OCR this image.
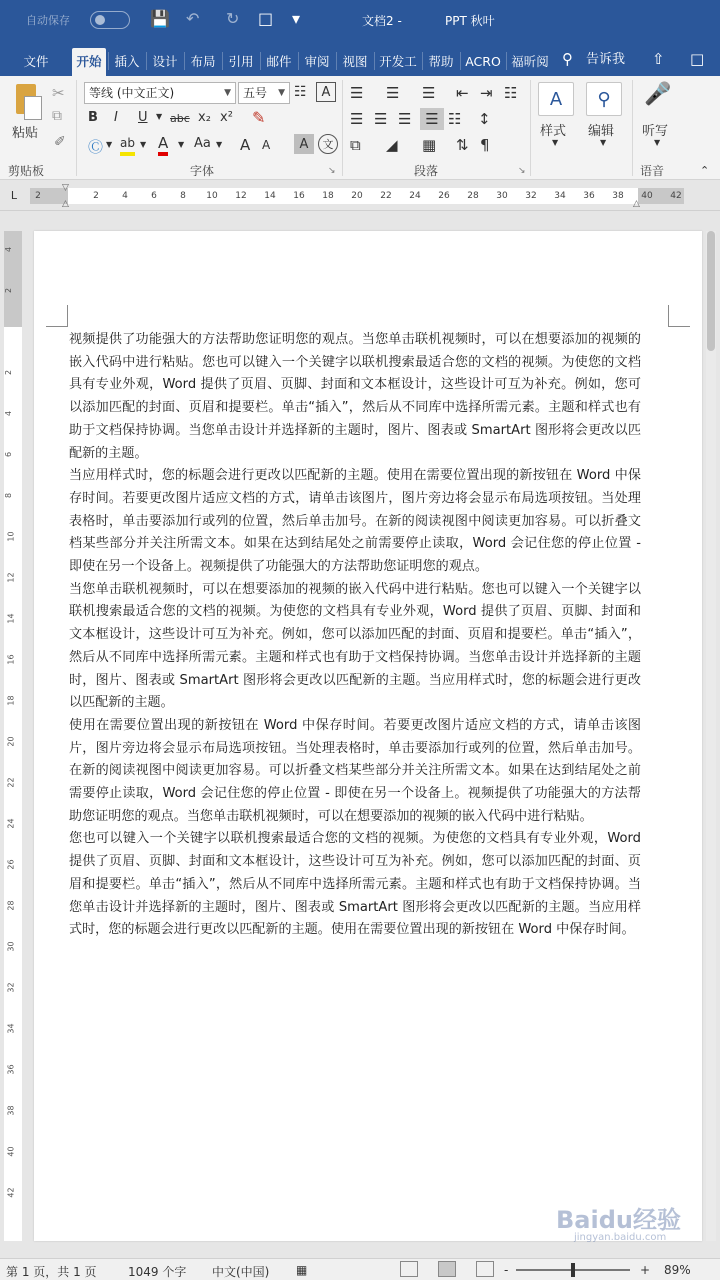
自动保存	💾 ↶ ↻ □ ▾	文档2 -	PPT 秋叶
文件	开始	插入	设计	布局	引用	邮件	审阅	视图 开发工 帮助 ACRO 福昕阅 ⚲ 告诉我 ⇧ □
粘贴
✂
⧉
✐
剪贴板
等线 (中文正文)	▼	五号 ▼ ☷	A
B I U ▼ abc x₂ x² ✎
Ⓒ ▼ ab ▼ A ▼ Aa ▼ A A	A	文
字体	↘
☰ ☰ ☰ ⇤ ⇥ ☷
☰ ☰ ☰ ☰ ☷ ↕
⧉ ◢ ▦ ⇅ ¶
段落	↘
A
样式
▼
⚲
编辑
▼
🎤
听写
▼
语音	⌃
L	2	2	4	6	8	10	12	14	16	18	20	22	24	26	28	30	32	34	36	38	40	42
▽
△	△
4
2
2
4
6
8
10
12
14
16
18
20
22
24
26
28
30
32
34
36
38
40
42

视频提供了功能强大的方法帮助您证明您的观点。当您单击联机视频时，可以在想要添加的视频的嵌入代码中进行粘贴。您也可以键入一个关键字以联机搜索最适合您的文档的视频。为使您的文档具有专业外观，Word 提供了页眉、页脚、封面和文本框设计，这些设计可互为补充。例如，您可以添加匹配的封面、页眉和提要栏。单击“插入”，然后从不同库中选择所需元素。主题和样式也有助于文档保持协调。当您单击设计并选择新的主题时，图片、图表或 SmartArt 图形将会更改以匹配新的主题。

当应用样式时，您的标题会进行更改以匹配新的主题。使用在需要位置出现的新按钮在 Word 中保存时间。若要更改图片适应文档的方式，请单击该图片，图片旁边将会显示布局选项按钮。当处理表格时，单击要添加行或列的位置，然后单击加号。在新的阅读视图中阅读更加容易。可以折叠文档某些部分并关注所需文本。如果在达到结尾处之前需要停止读取，Word 会记住您的停止位置 - 即使在另一个设备上。视频提供了功能强大的方法帮助您证明您的观点。

当您单击联机视频时，可以在想要添加的视频的嵌入代码中进行粘贴。您也可以键入一个关键字以联机搜索最适合您的文档的视频。为使您的文档具有专业外观，Word 提供了页眉、页脚、封面和文本框设计，这些设计可互为补充。例如，您可以添加匹配的封面、页眉和提要栏。单击“插入”，然后从不同库中选择所需元素。主题和样式也有助于文档保持协调。当您单击设计并选择新的主题时，图片、图表或 SmartArt 图形将会更改以匹配新的主题。当应用样式时，您的标题会进行更改以匹配新的主题。

使用在需要位置出现的新按钮在 Word 中保存时间。若要更改图片适应文档的方式，请单击该图片，图片旁边将会显示布局选项按钮。当处理表格时，单击要添加行或列的位置，然后单击加号。在新的阅读视图中阅读更加容易。可以折叠文档某些部分并关注所需文本。如果在达到结尾处之前需要停止读取，Word 会记住您的停止位置 - 即使在另一个设备上。视频提供了功能强大的方法帮助您证明您的观点。当您单击联机视频时，可以在想要添加的视频的嵌入代码中进行粘贴。

您也可以键入一个关键字以联机搜索最适合您的文档的视频。为使您的文档具有专业外观，Word 提供了页眉、页脚、封面和文本框设计，这些设计可互为补充。例如，您可以添加匹配的封面、页眉和提要栏。单击“插入”，然后从不同库中选择所需元素。主题和样式也有助于文档保持协调。当您单击设计并选择新的主题时，图片、图表或 SmartArt 图形将会更改以匹配新的主题。当应用样式时，您的标题会进行更改以匹配新的主题。使用在需要位置出现的新按钮在 Word 中保存时间。

Baidu经验
jingyan.baidu.com
第 1 页，共 1 页	1049 个字 中文(中国) ▦	-	+ 89%
